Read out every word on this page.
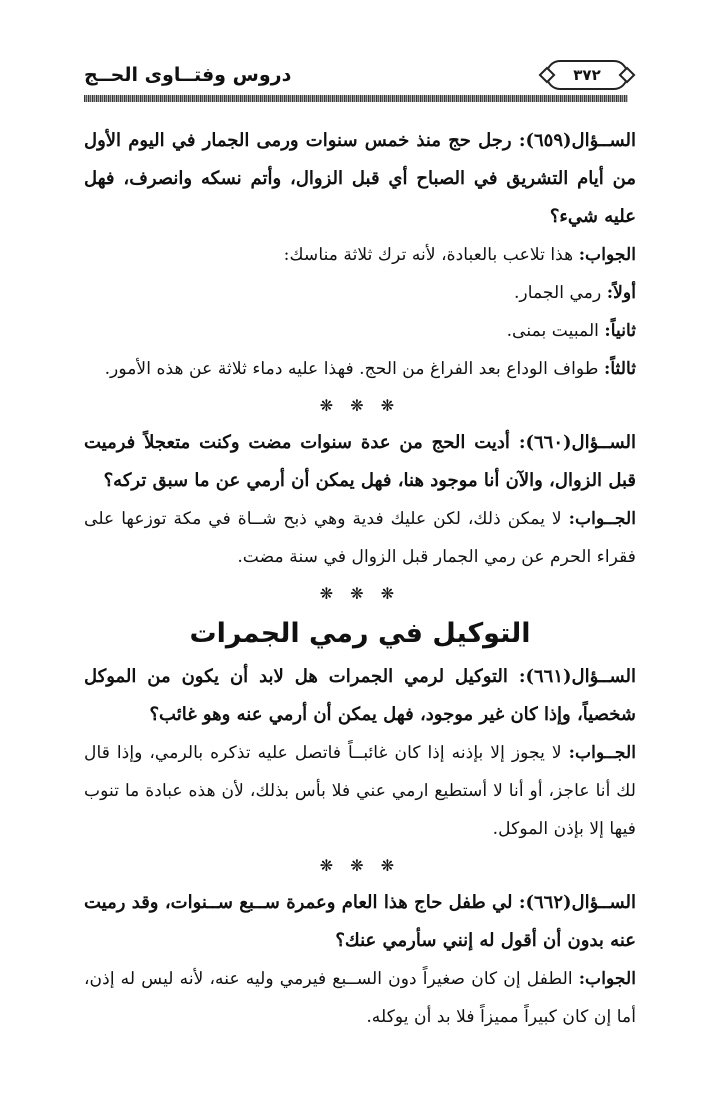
٣٧٢
دروس وفتــاوى الحــج

الســؤال(٦٥٩): رجل حج منذ خمس سنوات ورمى الجمار في اليوم الأول من أيام التشريق في الصباح أي قبل الزوال، وأتم نسكه وانصرف، فهل عليه شيء؟

الجواب: هذا تلاعب بالعبادة، لأنه ترك ثلاثة مناسك:

أولاً: رمي الجمار.

ثانياً: المبيت بمنى.

ثالثاً: طواف الوداع بعد الفراغ من الحج. فهذا عليه دماء ثلاثة عن هذه الأمور.

❋ ❋ ❋

الســؤال(٦٦٠): أديت الحج من عدة سنوات مضت وكنت متعجلاً فرميت قبل الزوال، والآن أنا موجود هنا، فهل يمكن أن أرمي عن ما سبق تركه؟

الجــواب: لا يمكن ذلك، لكن عليك فدية وهي ذبح شــاة في مكة توزعها على فقراء الحرم عن رمي الجمار قبل الزوال في سنة مضت.

❋ ❋ ❋

التوكيل في رمي الجمرات

الســؤال(٦٦١): التوكيل لرمي الجمرات هل لابد أن يكون من الموكل شخصياً، وإذا كان غير موجود، فهل يمكن أن أرمي عنه وهو غائب؟

الجــواب: لا يجوز إلا بإذنه إذا كان غائبــاً فاتصل عليه تذكره بالرمي، وإذا قال لك أنا عاجز، أو أنا لا أستطيع ارمي عني فلا بأس بذلك، لأن هذه عبادة ما تنوب فيها إلا بإذن الموكل.

❋ ❋ ❋

الســؤال(٦٦٢): لي طفل حاج هذا العام وعمرة ســبع ســنوات، وقد رميت عنه بدون أن أقول له إنني سأرمي عنك؟

الجواب: الطفل إن كان صغيراً دون الســبع فيرمي وليه عنه، لأنه ليس له إذن، أما إن كان كبيراً مميزاً فلا بد أن يوكله.
